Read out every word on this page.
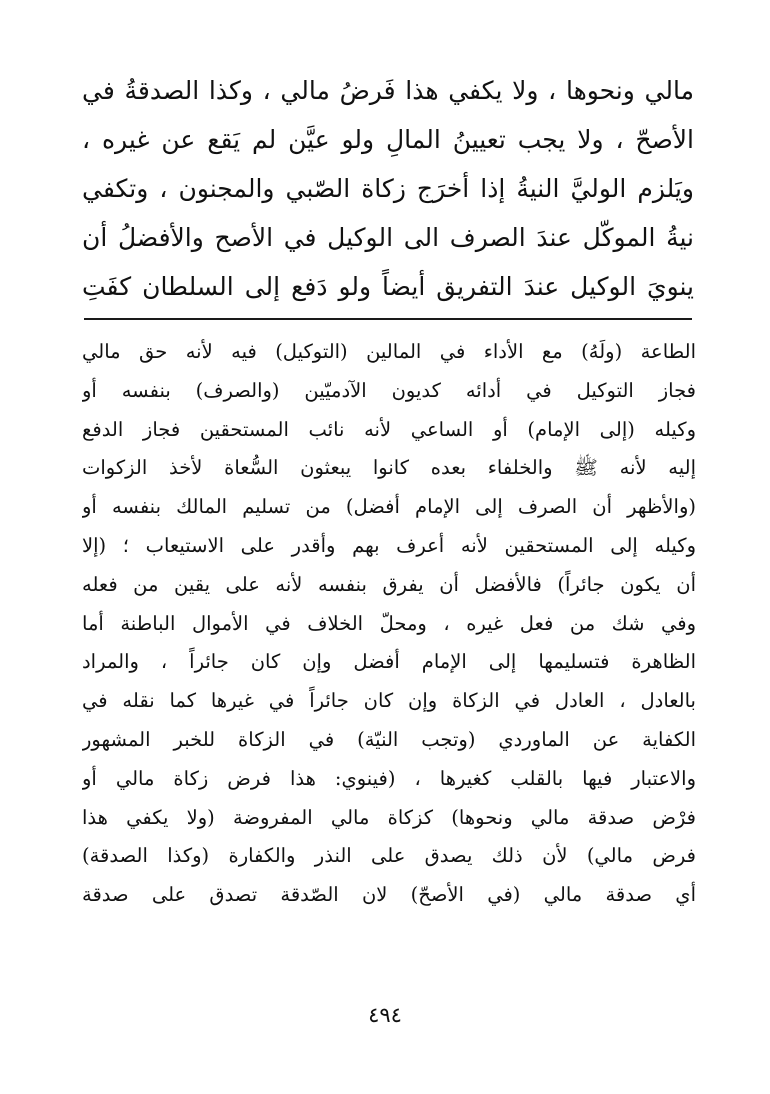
مالي ونحوها ، ولا يكفي هذا فَرضُ مالي ، وكذا الصدقةُ في
الأصحّ ، ولا يجب تعيينُ المالِ ولو عيَّن لم يَقع عن غيره ،
ويَلزم الوليَّ النيةُ إذا أخرَج زكاة الصّبي والمجنون ، وتكفي
نيةُ الموكّل عندَ الصرف الى الوكيل في الأصح والأفضلُ أن
ينويَ الوكيل عندَ التفريق أيضاً ولو دَفع إلى السلطان كفَتِ
الطاعة (ولَهُ) مع الأداء في المالين (التوكيل) فيه لأنه حق مالي
فجاز التوكيل في أدائه كديون الآدميّين (والصرف) بنفسه أو
وكيله (إلى الإمام) أو الساعي لأنه نائب المستحقين فجاز الدفع
إليه لأنه ﷺ والخلفاء بعده كانوا يبعثون السُّعاة لأخذ الزكوات
(والأظهر أن الصرف إلى الإمام أفضل) من تسليم المالك بنفسه أو
وكيله إلى المستحقين لأنه أعرف بهم وأقدر على الاستيعاب ؛ (إلا
أن يكون جائراً) فالأفضل أن يفرق بنفسه لأنه على يقين من فعله
وفي شك من فعل غيره ، ومحلّ الخلاف في الأموال الباطنة أما
الظاهرة فتسليمها إلى الإمام أفضل وإن كان جائراً ، والمراد
بالعادل ، العادل في الزكاة وإن كان جائراً في غيرها كما نقله في
الكفاية عن الماوردي (وتجب النيّة) في الزكاة للخبر المشهور
والاعتبار فيها بالقلب كغيرها ، (فينوي: هذا فرض زكاة مالي أو
فرْض صدقة مالي ونحوها) كزكاة مالي المفروضة (ولا يكفي هذا
فرض مالي) لأن ذلك يصدق على النذر والكفارة (وكذا الصدقة)
أي صدقة مالي (في الأصحّ) لان الصّدقة تصدق على صدقة
٤٩٤
